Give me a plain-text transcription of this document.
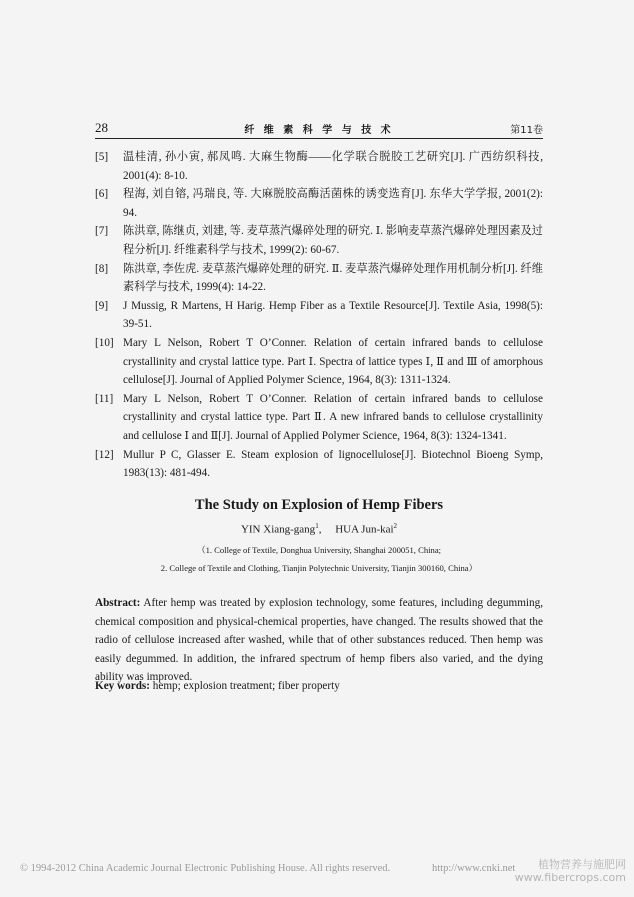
28	纤 维 素 科 学 与 技 术	第11卷
[5] 温桂清, 孙小寅, 郝凤鸣. 大麻生物酶——化学联合脱胶工艺研究[J]. 广西纺织科技, 2001(4): 8-10.
[6] 程海, 刘自镕, 冯瑞良, 等. 大麻脱胶高酶活菌株的诱变选育[J]. 东华大学学报, 2001(2): 94.
[7] 陈洪章, 陈继贞, 刘建, 等. 麦草蒸汽爆碎处理的研究. Ⅰ. 影响麦草蒸汽爆碎处理因素及过程分析[J]. 纤维素科学与技术, 1999(2): 60-67.
[8] 陈洪章, 李佐虎. 麦草蒸汽爆碎处理的研究. Ⅱ. 麦草蒸汽爆碎处理作用机制分析[J]. 纤维素科学与技术, 1999(4): 14-22.
[9] J Mussig, R Martens, H Harig. Hemp Fiber as a Textile Resource[J]. Textile Asia, 1998(5): 39-51.
[10] Mary L Nelson, Robert T O’Conner. Relation of certain infrared bands to cellulose crystallinity and crystal lattice type. Part Ⅰ. Spectra of lattice types Ⅰ, Ⅱ and Ⅲ of amorphous cellulose[J]. Journal of Applied Polymer Science, 1964, 8(3): 1311-1324.
[11] Mary L Nelson, Robert T O’Conner. Relation of certain infrared bands to cellulose crystallinity and crystal lattice type. Part Ⅱ. A new infrared bands to cellulose crystallinity and cellulose Ⅰ and Ⅱ[J]. Journal of Applied Polymer Science, 1964, 8(3): 1324-1341.
[12] Mullur P C, Glasser E. Steam explosion of lignocellulose[J]. Biotechnol Bioeng Symp, 1983(13): 481-494.
The Study on Explosion of Hemp Fibers
YIN Xiang-gang$^1$,     HUA Jun-kai$^2$
（1. College of Textile, Donghua University, Shanghai 200051, China;
2. College of Textile and Clothing, Tianjin Polytechnic University, Tianjin 300160, China）
Abstract: After hemp was treated by explosion technology, some features, including degumming, chemical composition and physical-chemical properties, have changed. The results showed that the radio of cellulose increased after washed, while that of other substances reduced. Then hemp was easily degummed. In addition, the infrared spectrum of hemp fibers also varied, and the dying ability was improved.
Key words: hemp; explosion treatment; fiber property
© 1994-2012 China Academic Journal Electronic Publishing House. All rights reserved.	http://www.cnki.net	植物营养与施肥网
www.fibercrops.com
